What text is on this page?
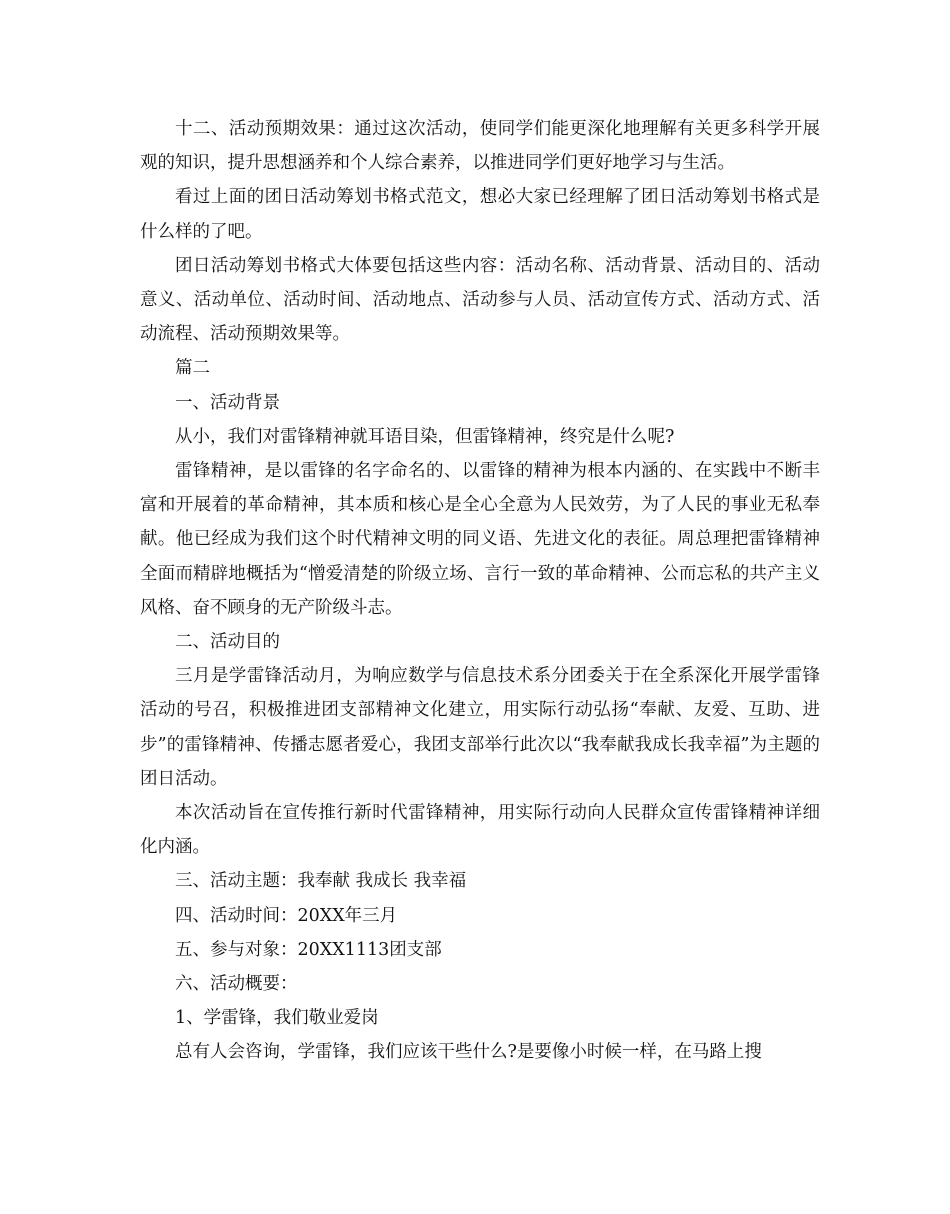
十二、活动预期效果：通过这次活动，使同学们能更深化地理解有关更多科学开展观的知识，提升思想涵养和个人综合素养，以推进同学们更好地学习与生活。

看过上面的团日活动筹划书格式范文，想必大家已经理解了团日活动筹划书格式是什么样的了吧。

团日活动筹划书格式大体要包括这些内容：活动名称、活动背景、活动目的、活动意义、活动单位、活动时间、活动地点、活动参与人员、活动宣传方式、活动方式、活动流程、活动预期效果等。

篇二

一、活动背景

从小，我们对雷锋精神就耳语目染，但雷锋精神，终究是什么呢?

雷锋精神，是以雷锋的名字命名的、以雷锋的精神为根本内涵的、在实践中不断丰富和开展着的革命精神，其本质和核心是全心全意为人民效劳，为了人民的事业无私奉献。他已经成为我们这个时代精神文明的同义语、先进文化的表征。周总理把雷锋精神全面而精辟地概括为“憎爱清楚的阶级立场、言行一致的革命精神、公而忘私的共产主义风格、奋不顾身的无产阶级斗志。

二、活动目的

三月是学雷锋活动月，为响应数学与信息技术系分团委关于在全系深化开展学雷锋活动的号召，积极推进团支部精神文化建立，用实际行动弘扬“奉献、友爱、互助、进步”的雷锋精神、传播志愿者爱心，我团支部举行此次以“我奉献我成长我幸福”为主题的团日活动。

本次活动旨在宣传推行新时代雷锋精神，用实际行动向人民群众宣传雷锋精神详细化内涵。

三、活动主题：我奉献 我成长 我幸福

四、活动时间：20XX年三月

五、参与对象：20XX1113团支部

六、活动概要：

1、学雷锋，我们敬业爱岗

总有人会咨询，学雷锋，我们应该干些什么?是要像小时候一样，在马路上搜
